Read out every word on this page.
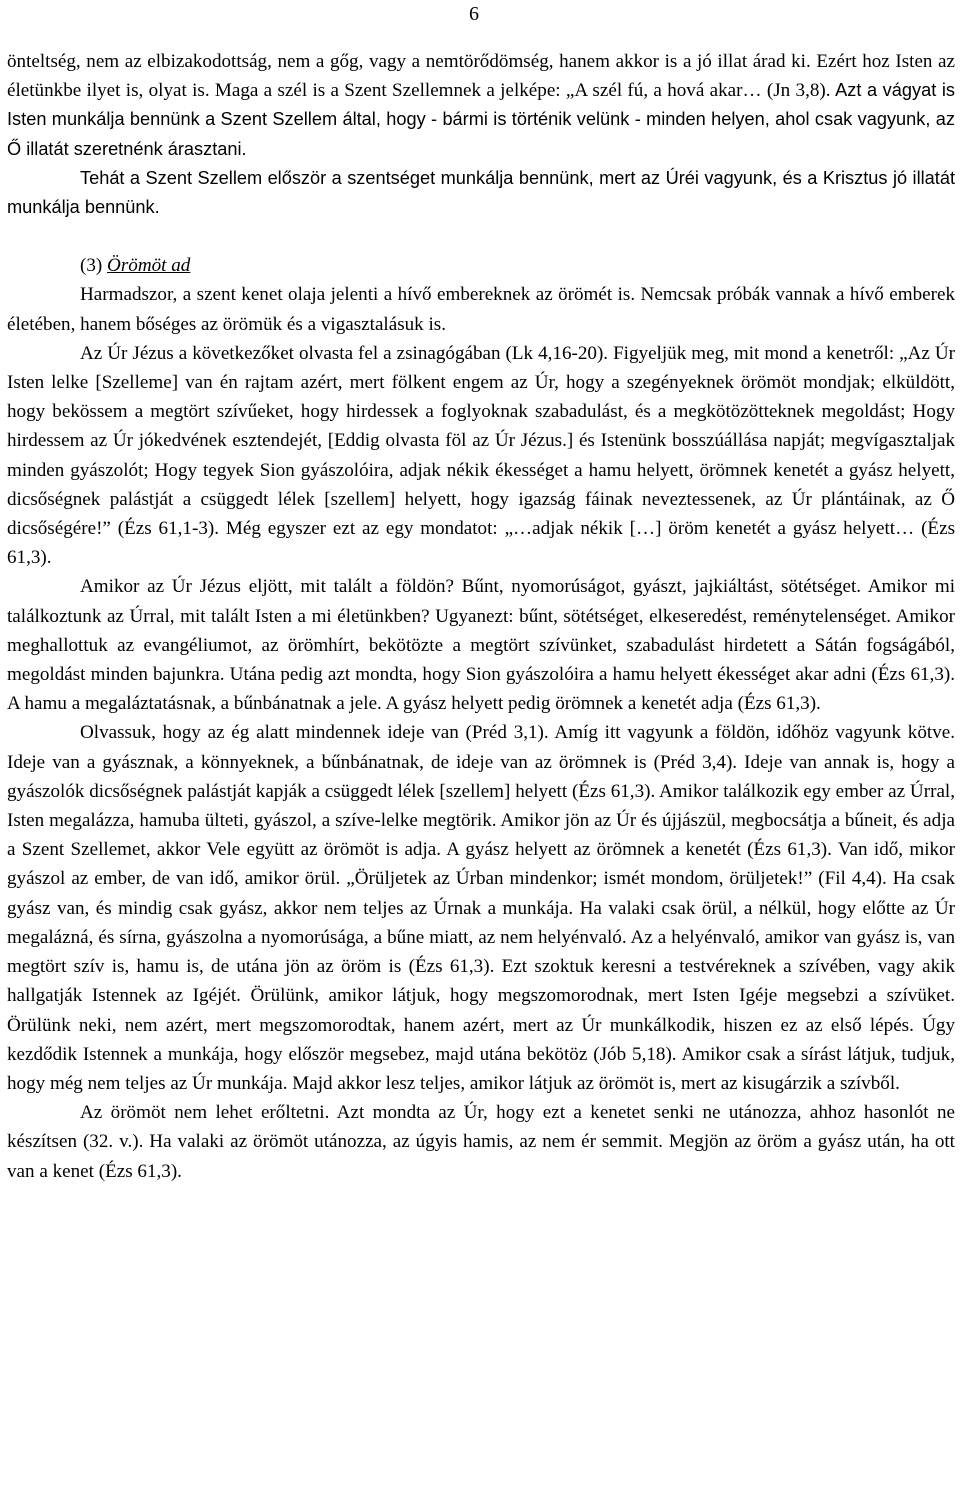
6

önteltség, nem az elbizakodottság, nem a gőg, vagy a nemtörődömség, hanem akkor is a jó illat árad ki. Ezért hoz Isten az életünkbe ilyet is, olyat is. Maga a szél is a Szent Szellemnek a jelképe: „A szél fú, a hová akar… (Jn 3,8). Azt a vágyat is Isten munkálja bennünk a Szent Szellem által, hogy - bármi is történik velünk - minden helyen, ahol csak vagyunk, az Ő illatát szeretnénk árasztani.

Tehát a Szent Szellem először a szentséget munkálja bennünk, mert az Úréi vagyunk, és a Krisztus jó illatát munkálja bennünk.

(3) Örömöt ad

Harmadszor, a szent kenet olaja jelenti a hívő embereknek az örömét is. Nemcsak próbák vannak a hívő emberek életében, hanem bőséges az örömük és a vigasztalásuk is.

Az Úr Jézus a következőket olvasta fel a zsinagógában (Lk 4,16-20). Figyeljük meg, mit mond a kenetről: „Az Úr Isten lelke [Szelleme] van én rajtam azért, mert fölkent engem az Úr, hogy a szegényeknek örömöt mondjak; elküldött, hogy bekössem a megtört szívűeket, hogy hirdessek a foglyoknak szabadulást, és a megkötözötteknek megoldást; Hogy hirdessem az Úr jókedvének esztendejét, [Eddig olvasta föl az Úr Jézus.] és Istenünk bosszúállása napját; megvígasztaljak minden gyászolót; Hogy tegyek Sion gyászolóira, adjak nékik ékességet a hamu helyett, örömnek kenetét a gyász helyett, dicsőségnek palástját a csüggedt lélek [szellem] helyett, hogy igazság fáinak neveztessenek, az Úr plántáinak, az Ő dicsőségére!” (Ézs 61,1-3). Még egyszer ezt az egy mondatot: „…adjak nékik […] öröm kenetét a gyász helyett… (Ézs 61,3).

Amikor az Úr Jézus eljött, mit talált a földön? Bűnt, nyomorúságot, gyászt, jajkiáltást, sötétséget. Amikor mi találkoztunk az Úrral, mit talált Isten a mi életünkben? Ugyanezt: bűnt, sötétséget, elkeseredést, reménytelenséget. Amikor meghallottuk az evangéliumot, az örömhírt, bekötözte a megtört szívünket, szabadulást hirdetett a Sátán fogságából, megoldást minden bajunkra. Utána pedig azt mondta, hogy Sion gyászolóira a hamu helyett ékességet akar adni (Ézs 61,3). A hamu a megaláztatásnak, a bűnbánatnak a jele. A gyász helyett pedig örömnek a kenetét adja (Ézs 61,3).

Olvassuk, hogy az ég alatt mindennek ideje van (Préd 3,1). Amíg itt vagyunk a földön, időhöz vagyunk kötve. Ideje van a gyásznak, a könnyeknek, a bűnbánatnak, de ideje van az örömnek is (Préd 3,4). Ideje van annak is, hogy a gyászolók dicsőségnek palástját kapják a csüggedt lélek [szellem] helyett (Ézs 61,3). Amikor találkozik egy ember az Úrral, Isten megalázza, hamuba ülteti, gyászol, a szíve-lelke megtörik. Amikor jön az Úr és újjászül, megbocsátja a bűneit, és adja a Szent Szellemet, akkor Vele együtt az örömöt is adja. A gyász helyett az örömnek a kenetét (Ézs 61,3). Van idő, mikor gyászol az ember, de van idő, amikor örül. „Örüljetek az Úrban mindenkor; ismét mondom, örüljetek!” (Fil 4,4). Ha csak gyász van, és mindig csak gyász, akkor nem teljes az Úrnak a munkája. Ha valaki csak örül, a nélkül, hogy előtte az Úr megalázná, és sírna, gyászolna a nyomorúsága, a bűne miatt, az nem helyénvaló. Az a helyénvaló, amikor van gyász is, van megtört szív is, hamu is, de utána jön az öröm is (Ézs 61,3). Ezt szoktuk keresni a testvéreknek a szívében, vagy akik hallgatják Istennek az Igéjét. Örülünk, amikor látjuk, hogy megszomorodnak, mert Isten Igéje megsebzi a szívüket. Örülünk neki, nem azért, mert megszomorodtak, hanem azért, mert az Úr munkálkodik, hiszen ez az első lépés. Úgy kezdődik Istennek a munkája, hogy először megsebez, majd utána bekötöz (Jób 5,18). Amikor csak a sírást látjuk, tudjuk, hogy még nem teljes az Úr munkája. Majd akkor lesz teljes, amikor látjuk az örömöt is, mert az kisugárzik a szívből.

Az örömöt nem lehet erőltetni. Azt mondta az Úr, hogy ezt a kenetet senki ne utánozza, ahhoz hasonlót ne készítsen (32. v.). Ha valaki az örömöt utánozza, az úgyis hamis, az nem ér semmit. Megjön az öröm a gyász után, ha ott van a kenet (Ézs 61,3).
